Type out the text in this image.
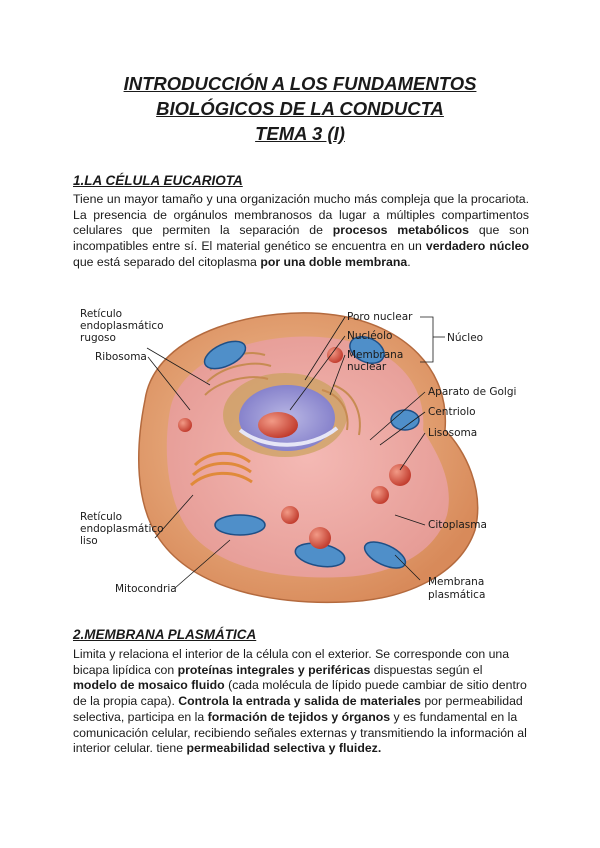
INTRODUCCIÓN A LOS FUNDAMENTOS
BIOLÓGICOS DE LA CONDUCTA
TEMA 3 (I)
1.LA CÉLULA EUCARIOTA
Tiene un mayor tamaño y una organización mucho más compleja que la procariota. La presencia de orgánulos membranosos da lugar a múltiples compartimentos celulares que permiten la separación de procesos metabólicos que son incompatibles entre sí. El material genético se encuentra en un verdadero núcleo que está separado del citoplasma por una doble membrana.
Retículo
endoplasmático
rugoso
Ribosoma
Poro nuclear
Nucléolo
Membrana
nuclear
Núcleo
Aparato de Golgi
Centriolo
Lisosoma
Retículo
endoplasmático
liso
Citoplasma
Mitocondria
Membrana
plasmática
2.MEMBRANA PLASMÁTICA
Limita y relaciona el interior de la célula con el exterior. Se corresponde con una bicapa lipídica con proteínas integrales y periféricas dispuestas según el modelo de mosaico fluido (cada molécula de lípido puede cambiar de sitio dentro de la propia capa). Controla la entrada y salida de materiales por permeabilidad selectiva, participa en la formación de tejidos y órganos y es fundamental en la comunicación celular, recibiendo señales externas y transmitiendo la información al interior celular. tiene permeabilidad selectiva y fluidez.
